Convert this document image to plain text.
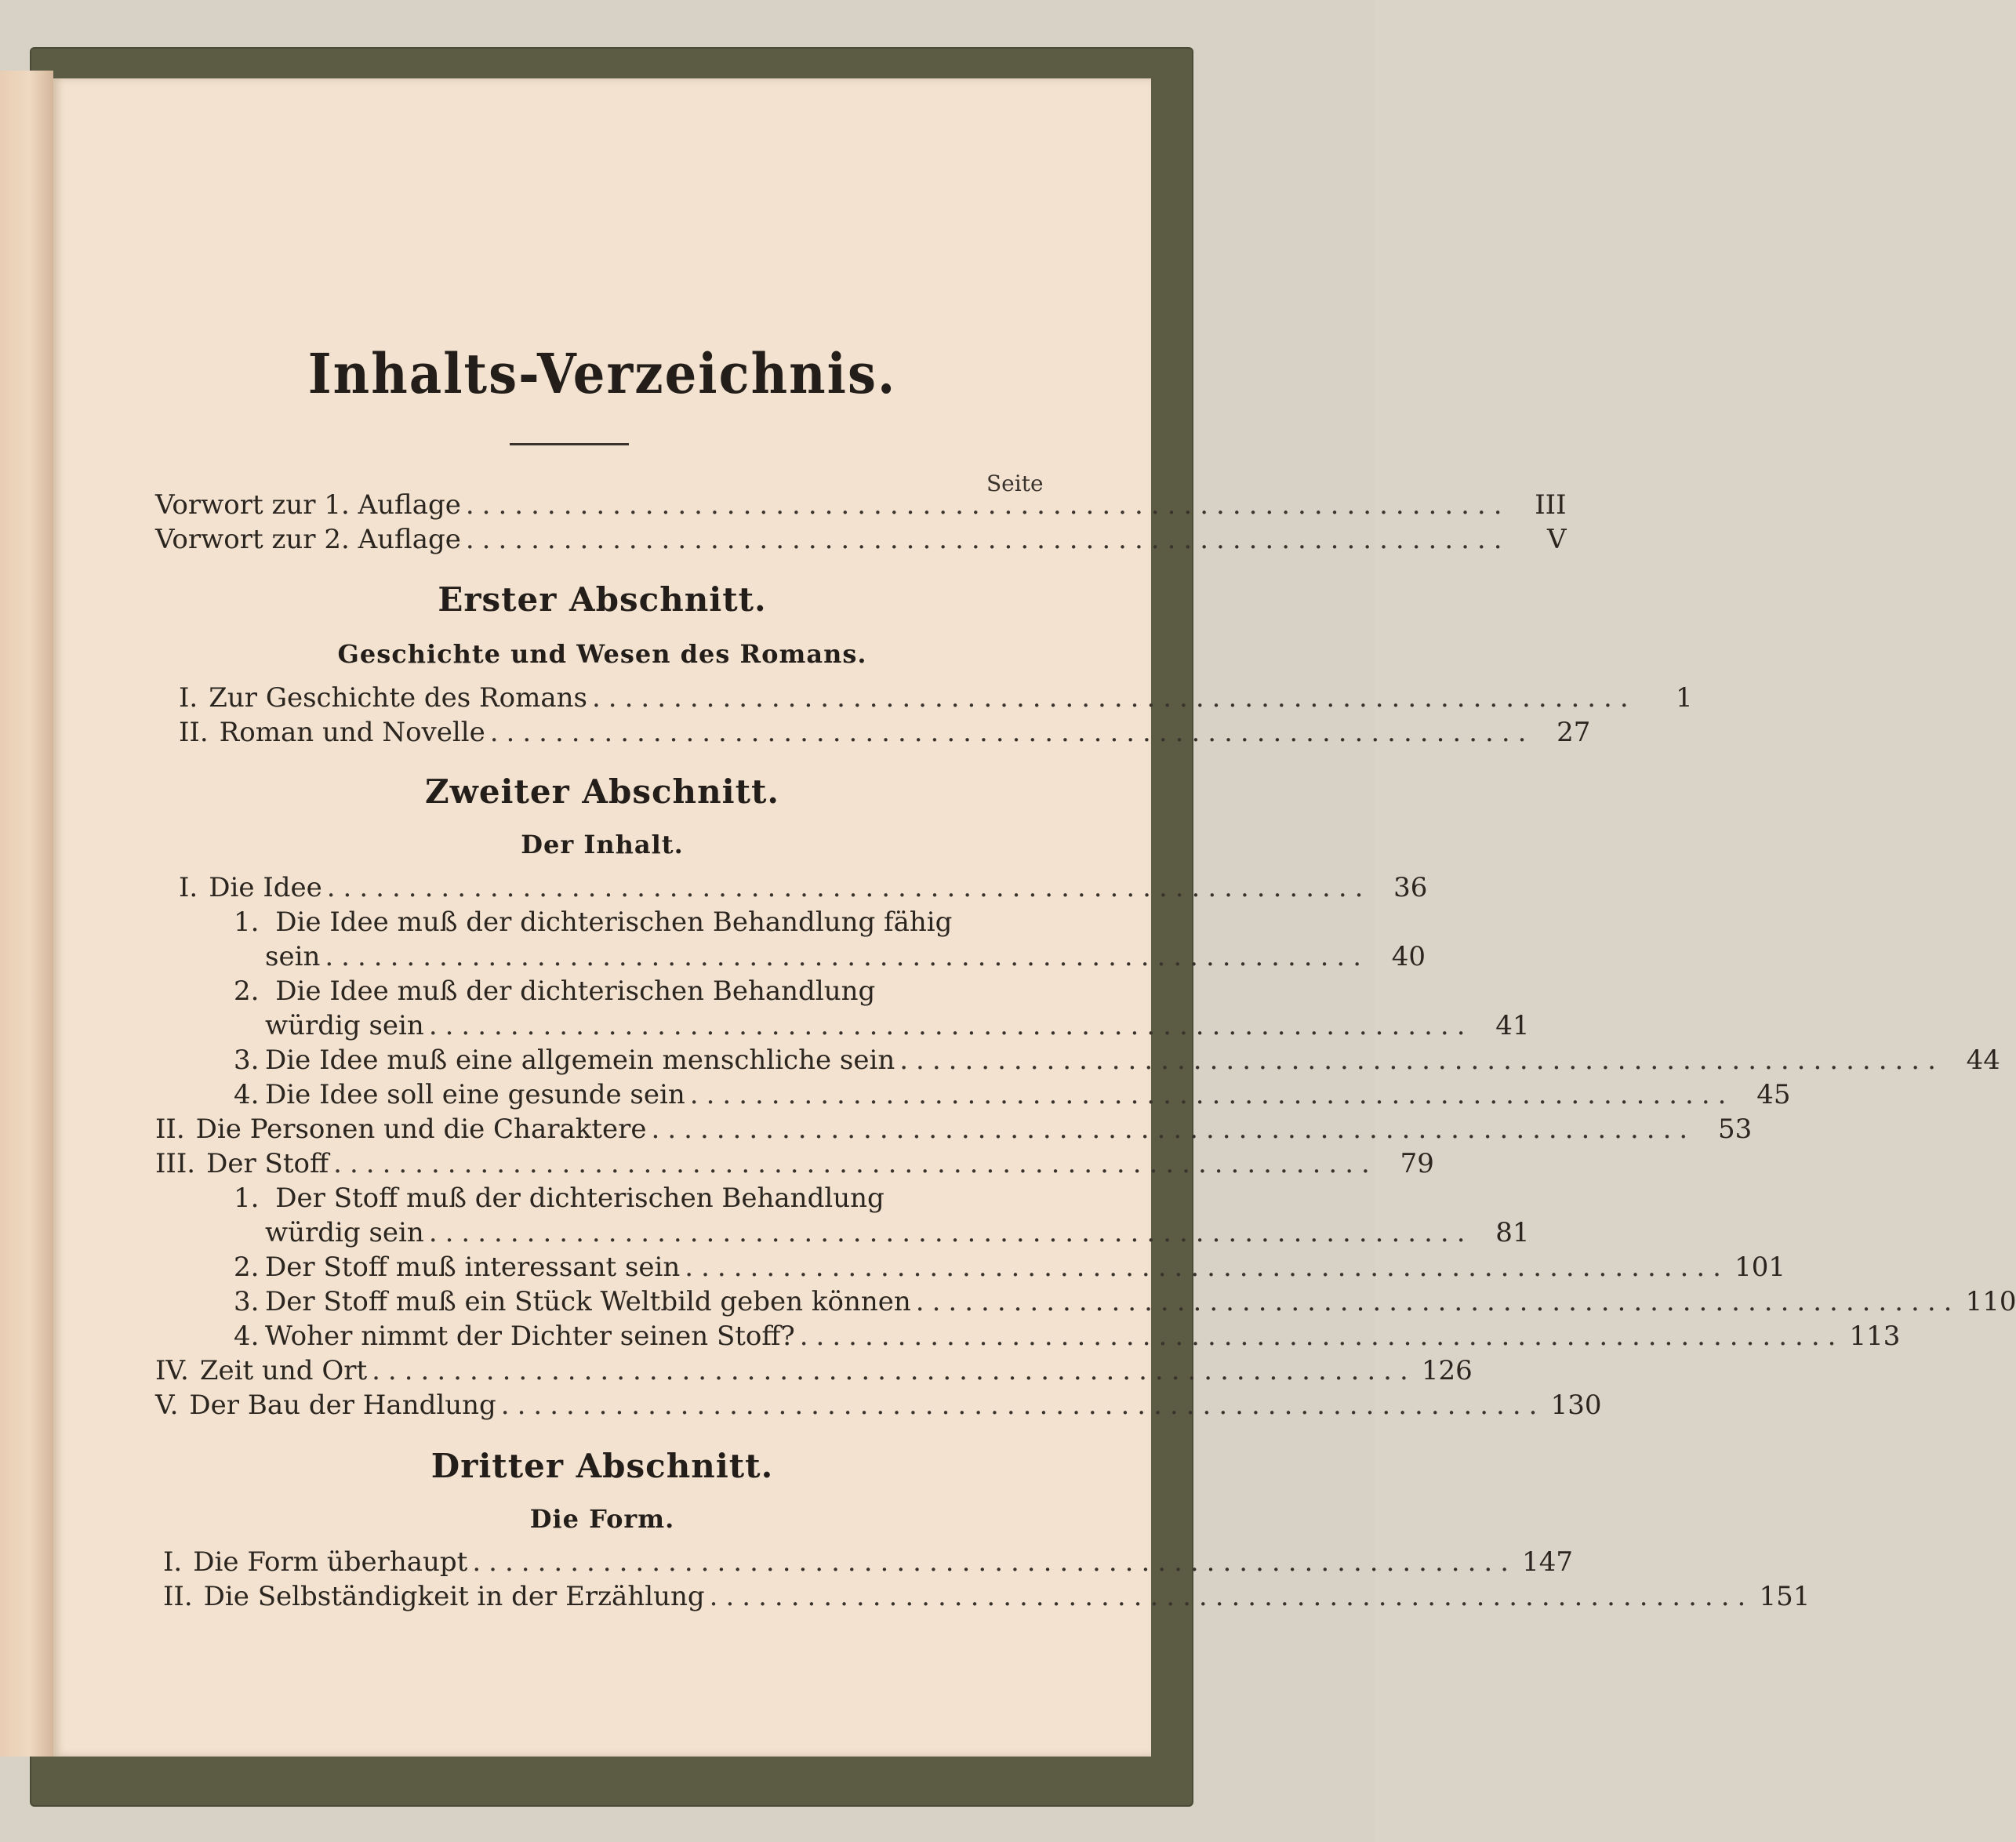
Inhalts-Verzeichnis.
Seite
Vorwort zur 1. Auflage ................................................................ III
Vorwort zur 2. Auflage ................................................................	V
Erster Abschnitt.
Geschichte und Wesen des Romans.
I. Zur Geschichte des Romans ................................................................	1
II. Roman und Novelle ................................................................ 27
Zweiter Abschnitt.
Der Inhalt.
I. Die Idee ................................................................ 36
1. Die Idee muß der dichterischen Behandlung fähig
sein ................................................................ 40
2. Die Idee muß der dichterischen Behandlung
würdig sein ................................................................ 41
3. Die Idee muß eine allgemein menschliche sein ................................................................ 44
4. Die Idee soll eine gesunde sein ................................................................ 45
II. Die Personen und die Charaktere ................................................................ 53
III. Der Stoff ................................................................ 79
1. Der Stoff muß der dichterischen Behandlung
würdig sein ................................................................ 81
2. Der Stoff muß interessant sein ................................................................ 101
3. Der Stoff muß ein Stück Weltbild geben können ................................................................ 110
4. Woher nimmt der Dichter seinen Stoff? ................................................................ 113
IV. Zeit und Ort ................................................................ 126
V. Der Bau der Handlung ................................................................ 130
Dritter Abschnitt.
Die Form.
I. Die Form überhaupt ................................................................ 147
II. Die Selbständigkeit in der Erzählung ................................................................ 151
